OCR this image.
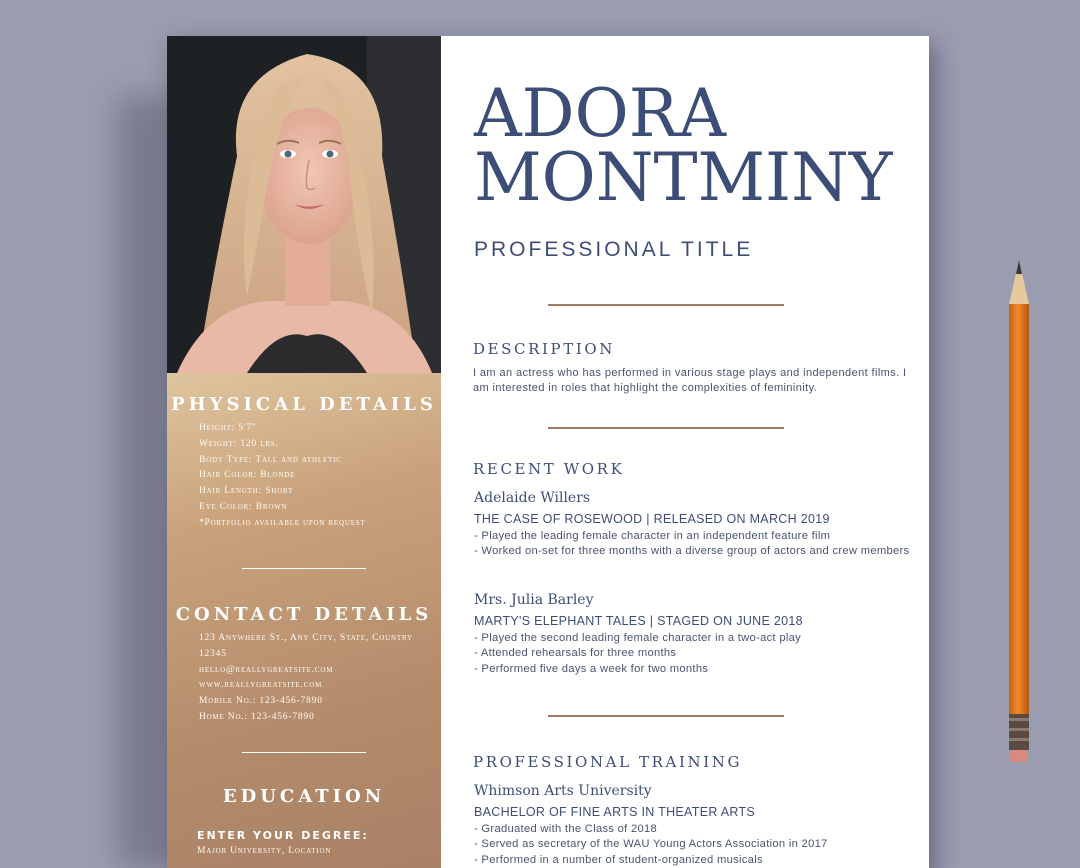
PHYSICAL DETAILS
Height: 5'7"
Weight: 120 lbs.
Body Type: Tall and athletic
Hair Color: Blonde
Hair Length: Short
Eye Color: Brown
*Portfolio available upon request
CONTACT DETAILS
123 Anywhere St., Any City, State, Country
12345
hello@reallygreatsite.com
www.reallygreatsite.com
Mobile No.: 123-456-7890
Home No.: 123-456-7890
EDUCATION
ENTER YOUR DEGREE:
Major University, Location
ADORA
MONTMINY
PROFESSIONAL TITLE
DESCRIPTION
I am an actress who has performed in various stage plays and independent films. I am interested in roles that highlight the complexities of femininity.
RECENT WORK
Adelaide Willers
THE CASE OF ROSEWOOD | RELEASED ON MARCH 2019
- Played the leading female character in an independent feature film
- Worked on-set for three months with a diverse group of actors and crew members
Mrs. Julia Barley
MARTY'S ELEPHANT TALES | STAGED ON JUNE 2018
- Played the second leading female character in a two-act play
- Attended rehearsals for three months
- Performed five days a week for two months
PROFESSIONAL TRAINING
Whimson Arts University
BACHELOR OF FINE ARTS IN THEATER ARTS
- Graduated with the Class of 2018
- Served as secretary of the WAU Young Actors Association in 2017
- Performed in a number of student-organized musicals
